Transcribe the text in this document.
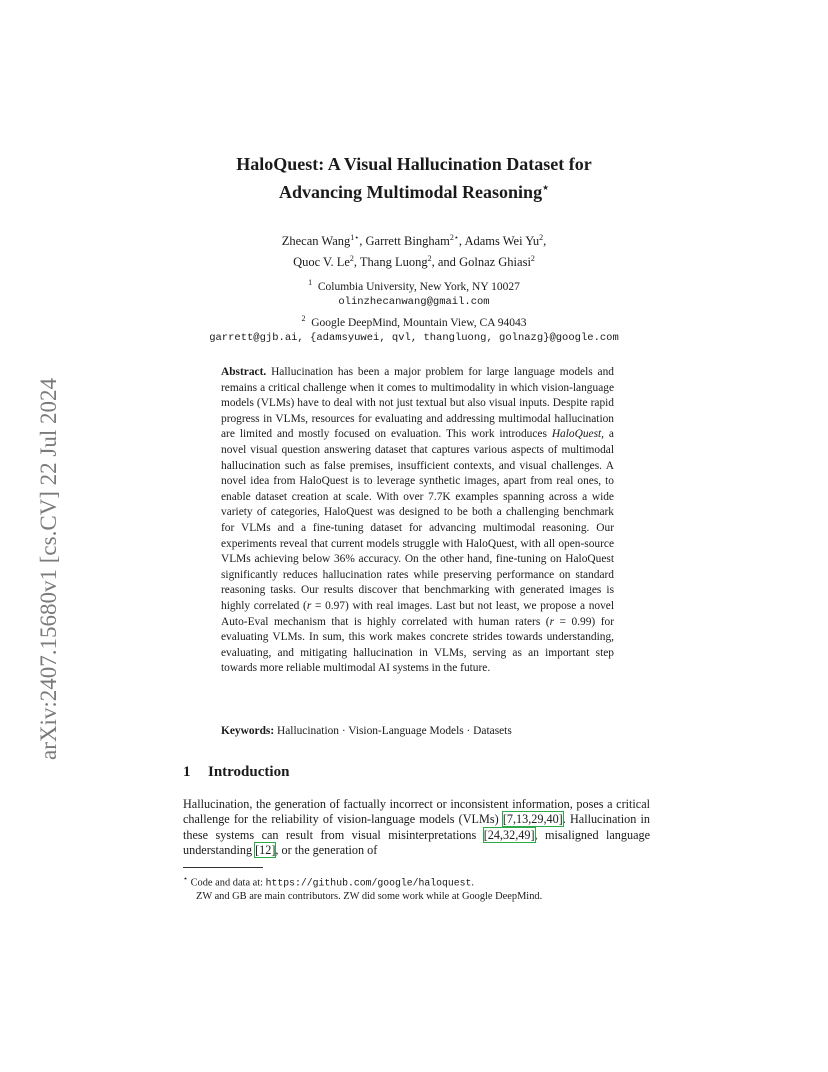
arXiv:2407.15680v1 [cs.CV] 22 Jul 2024
HaloQuest: A Visual Hallucination Dataset for
Advancing Multimodal Reasoning⋆
Zhecan Wang$^{1⋆}$, Garrett Bingham$^{2⋆}$, Adams Wei Yu$^2$,
Quoc V. Le$^2$, Thang Luong$^2$, and Golnaz Ghiasi$^2$
$^1$ Columbia University, New York, NY 10027
olinzhecanwang@gmail.com
$^2$ Google DeepMind, Mountain View, CA 94043
garrett@gjb.ai, {adamsyuwei, qvl, thangluong, golnazg}@google.com
Abstract. Hallucination has been a major problem for large language models and remains a critical challenge when it comes to multimodality in which vision-language models (VLMs) have to deal with not just textual but also visual inputs. Despite rapid progress in VLMs, resources for evaluating and addressing multimodal hallucination are limited and mostly focused on evaluation. This work introduces HaloQuest, a novel visual question answering dataset that captures various aspects of multimodal hallucination such as false premises, insufficient contexts, and visual challenges. A novel idea from HaloQuest is to leverage synthetic images, apart from real ones, to enable dataset creation at scale. With over 7.7K examples spanning across a wide variety of categories, HaloQuest was designed to be both a challenging benchmark for VLMs and a fine-tuning dataset for advancing multimodal reasoning. Our experiments reveal that current models struggle with HaloQuest, with all open-source VLMs achieving below 36% accuracy. On the other hand, fine-tuning on HaloQuest significantly reduces hallucination rates while preserving performance on standard reasoning tasks. Our results discover that benchmarking with generated images is highly correlated (r = 0.97) with real images. Last but not least, we propose a novel Auto-Eval mechanism that is highly correlated with human raters (r = 0.99) for evaluating VLMs. In sum, this work makes concrete strides towards understanding, evaluating, and mitigating hallucination in VLMs, serving as an important step towards more reliable multimodal AI systems in the future.
Keywords: Hallucination · Vision-Language Models · Datasets
1 Introduction
Hallucination, the generation of factually incorrect or inconsistent information, poses a critical challenge for the reliability of vision-language models (VLMs) [7,13,29,40]. Hallucination in these systems can result from visual misinterpretations [24,32,49], misaligned language understanding [12], or the generation of
⋆ Code and data at: https://github.com/google/haloquest.
ZW and GB are main contributors. ZW did some work while at Google DeepMind.
